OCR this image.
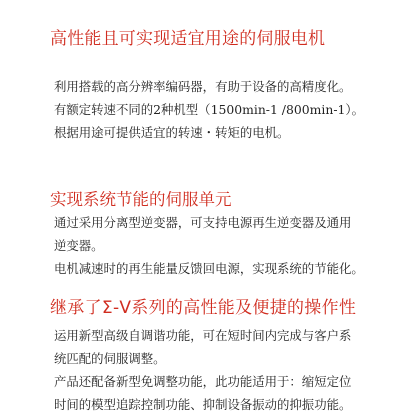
高性能且可实现适宜用途的伺服电机
利用搭载的高分辨率编码器，有助于设备的高精度化。
有额定转速不同的2种机型（1500min-1 /800min-1）。
根据用途可提供适宜的转速・转矩的电机。
实现系统节能的伺服单元
通过采用分离型逆变器，可支持电源再生逆变器及通用
逆变器。
电机减速时的再生能量反馈回电源，实现系统的节能化。
继承了Σ-Ⅴ系列的高性能及便捷的操作性
运用新型高级自调谐功能，可在短时间内完成与客户系
统匹配的伺服调整。
产品还配备新型免调整功能，此功能适用于：缩短定位
时间的模型追踪控制功能、抑制设备振动的抑振功能。
